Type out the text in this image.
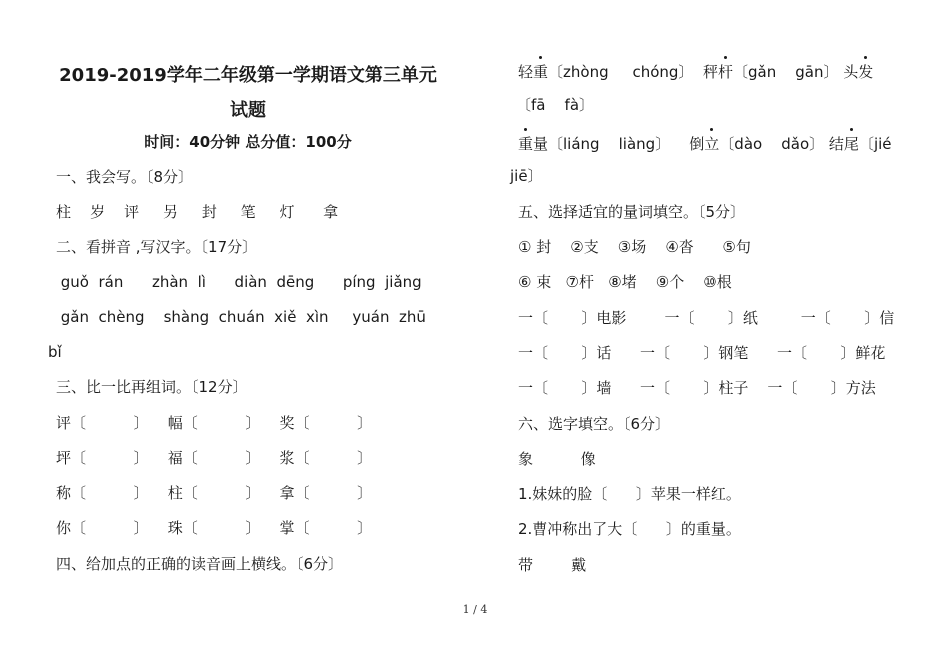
2019-2019学年二年级第一学期语文第三单元
试题
时间：40分钟 总分值：100分
一、我会写。〔8分〕
柱    岁    评     另     封     笔     灯      拿
二、看拼音 ,写汉字。〔17分〕
guǒ  rán      zhàn  lì      diàn  dēng      píng  jiǎng
gǎn  chèng    shàng  chuán  xiě  xìn     yuán  zhū
bǐ
三、比一比再组词。〔12分〕
评〔          〕    幅〔          〕    奖〔          〕
坪〔          〕    福〔          〕    浆〔          〕
称〔          〕    柱〔          〕    拿〔          〕
你〔          〕    珠〔          〕    掌〔          〕
四、给加点的正确的读音画上横线。〔6分〕
轻重〔zhòng     chóng〕  秤杆〔gǎn    gān〕 头发
〔fā    fà〕
重量〔liáng    liàng〕    倒立〔dào    dǎo〕 结尾〔jié
jiē〕
五、选择适宜的量词填空。〔5分〕
① 封    ②支    ③场    ④沓      ⑤句
⑥ 束   ⑦杆   ⑧堵    ⑨个    ⑩根
一〔       〕电影        一〔       〕纸         一〔       〕信
一〔       〕话      一〔       〕钢笔      一〔       〕鲜花
一〔       〕墙      一〔       〕柱子    一〔       〕方法
六、选字填空。〔6分〕
象          像
1.妹妹的脸〔      〕苹果一样红。
2.曹冲称出了大〔      〕的重量。
带        戴
1 / 4
